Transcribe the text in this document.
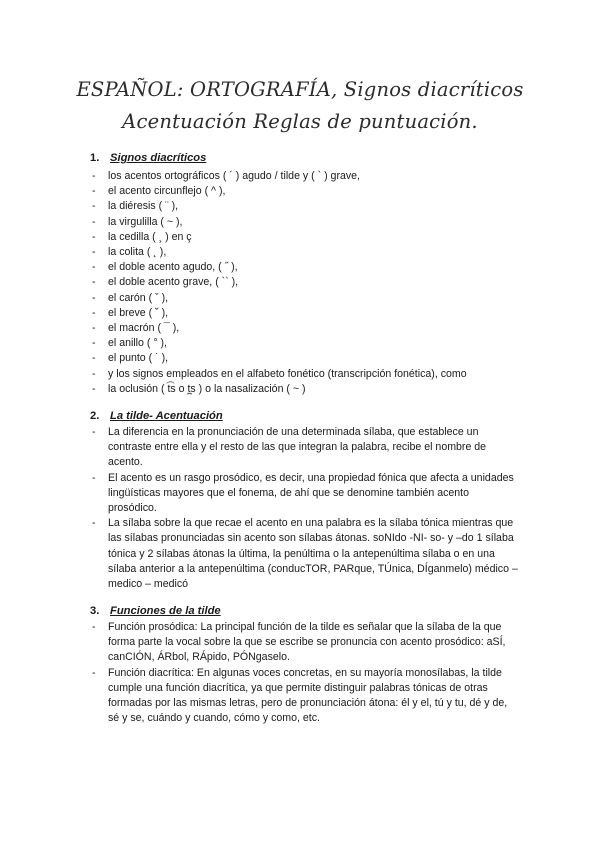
ESPAÑOL: ORTOGRAFÍA, Signos diacríticos Acentuación Reglas de puntuación.
1. Signos diacríticos
- los acentos ortográficos ( ´ ) agudo / tilde y ( ` ) grave,
- el acento circunflejo ( ^ ),
- la diéresis ( ¨ ),
- la virgulilla ( ~ ),
- la cedilla ( ¸ ) en ç
- la colita ( ˛ ),
- el doble acento agudo, ( ˝ ),
- el doble acento grave, ( `` ),
- el carón ( ˇ ),
- el breve ( ˘ ),
- el macrón ( ¯ ),
- el anillo ( ° ),
- el punto ( ˙ ),
- y los signos empleados en el alfabeto fonético (transcripción fonética), como
- la oclusión ( t͡s o t̪s ) o la nasalización ( ~ )
2. La tilde- Acentuación
- La diferencia en la pronunciación de una determinada sílaba, que establece un contraste entre ella y el resto de las que integran la palabra, recibe el nombre de acento.
- El acento es un rasgo prosódico, es decir, una propiedad fónica que afecta a unidades lingüísticas mayores que el fonema, de ahí que se denomine también acento prosódico.
- La sílaba sobre la que recae el acento en una palabra es la sílaba tónica mientras que las sílabas pronunciadas sin acento son sílabas átonas. soNIdo -NI- so- y –do 1 sílaba tónica y 2 sílabas átonas la última, la penúltima o la antepenúltima sílaba o en una sílaba anterior a la antepenúltima (conducTOR, PARque, TÚnica, DÍganmelo) médico – medico – medicó
3. Funciones de la tilde
- Función prosódica: La principal función de la tilde es señalar que la sílaba de la que forma parte la vocal sobre la que se escribe se pronuncia con acento prosódico: aSÍ, canCIÓN, ÁRbol, RÁpido, PÓNgaselo.
- Función diacrítica: En algunas voces concretas, en su mayoría monosílabas, la tilde cumple una función diacrítica, ya que permite distinguir palabras tónicas de otras formadas por las mismas letras, pero de pronunciación átona: él y el, tú y tu, dé y de, sé y se, cuándo y cuando, cómo y como, etc.
